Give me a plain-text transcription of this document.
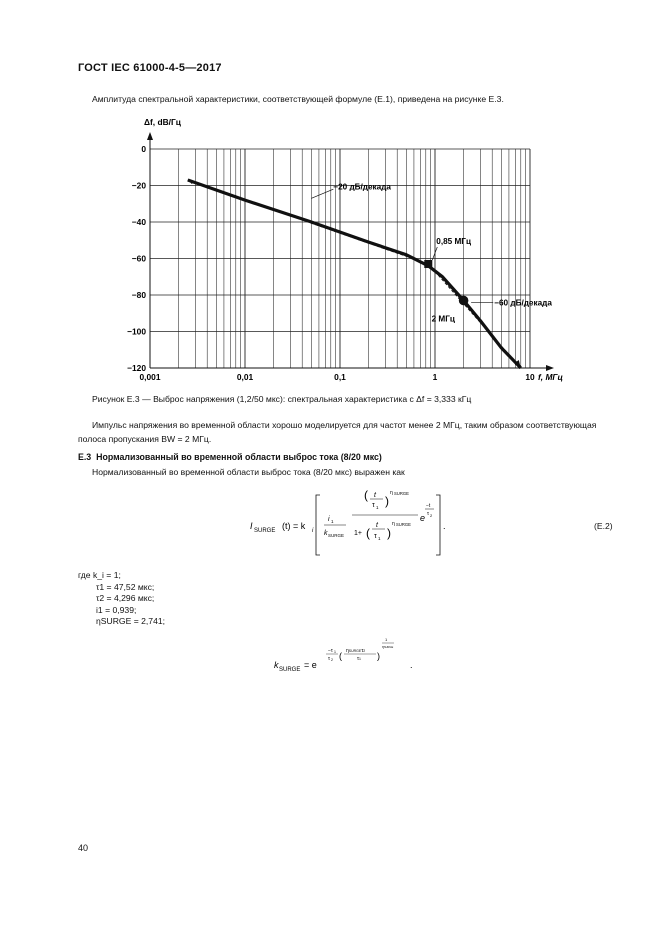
ГОСТ IEC 61000-4-5—2017
Амплитуда спектральной характеристики, соответствующей формуле (E.1), приведена на рисунке E.3.
0
−20
−40
−60
−80
−100
−120
0,001	0,01	0,1	1	10
Δf, dB/Гц
f, МГц
0,85 МГц
2 МГц
−20 дБ/декада
−60 дБ/декада
Рисунок E.3 — Выброс напряжения (1,2/50 мкс): спектральная характеристика с Δf = 3,333 кГц
Импульс напряжения во временной области хорошо моделируется для частот менее 2 МГц, таким образом соответствующая полоса пропускания BW = 2 МГц.
E.3 Нормализованный во временной области выброс тока (8/20 мкс)
Нормализованный во временной области выброс тока (8/20 мкс) выражен как
I SURGE (t) = k i
i 1
k SURGE
( t
τ 1 )
η SURGE
1+ (
t
τ 1 )
η SURGE
e
−t
τ 2
.	(E.2)
где k_i = 1;
τ1 = 47,52 мкс;
τ2 = 4,296 мкс;
i1 = 0,939;
ηSURGE = 2,741;
k SURGE = e
−τ 1
τ 2 ( ηSURGEτ2
τ1 )
1
ηSURGE
.
40
